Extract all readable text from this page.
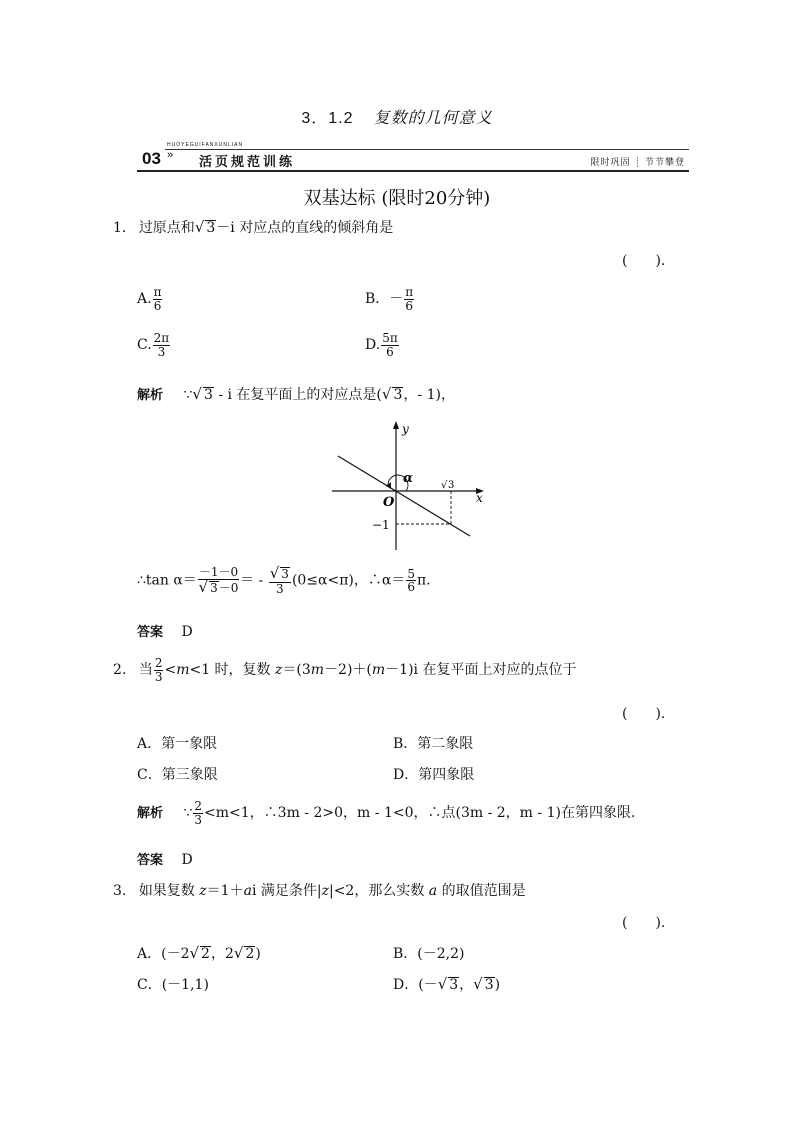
3．1.2 复数的几何意义
03
HUOYEGUIFANXUNLIAN
» 活页规范训练	限时巩固 ┊ 节节攀登
双基达标 (限时20分钟)
1. 过原点和√ 3－i 对应点的直线的倾斜角是
(　　).
A. $\frac{\pi}{6}$	B．－ $\frac{\pi}{6}$
C. $\frac{2\pi}{3}$	D. $\frac{5\pi}{6}$
解析 ∵√ 3 - i 在复平面上的对应点是(√ 3，- 1)，
y
x
O
α
−1
√ 3
∴tan $\alpha= \frac{-1-0}{√ 3-0}$ ＝ - $\frac{√ 3}{3} (0\le\alpha<\pi)$，∴α＝ $\frac{5}{6} \pi$.
答案 D
2. 当 $\frac{2}{3} <m<1$ 时，复数 z＝(3m－2)＋(m－1)i 在复平面上对应的点位于
(　　).
A．第一象限	B．第二象限
C．第三象限	D．第四象限
解析 ∵ $\frac{2}{3} <m<1$，∴3m - 2>0，m - 1<0，∴点(3m - 2，m - 1)在第四象限．
答案 D
3. 如果复数 z＝1＋ai 满足条件|z|<2，那么实数 a 的取值范围是
(　　).
A．(－2√ 2，2√ 2)	B．(－2,2)
C．(－1,1)	D．(－√ 3，√ 3)
